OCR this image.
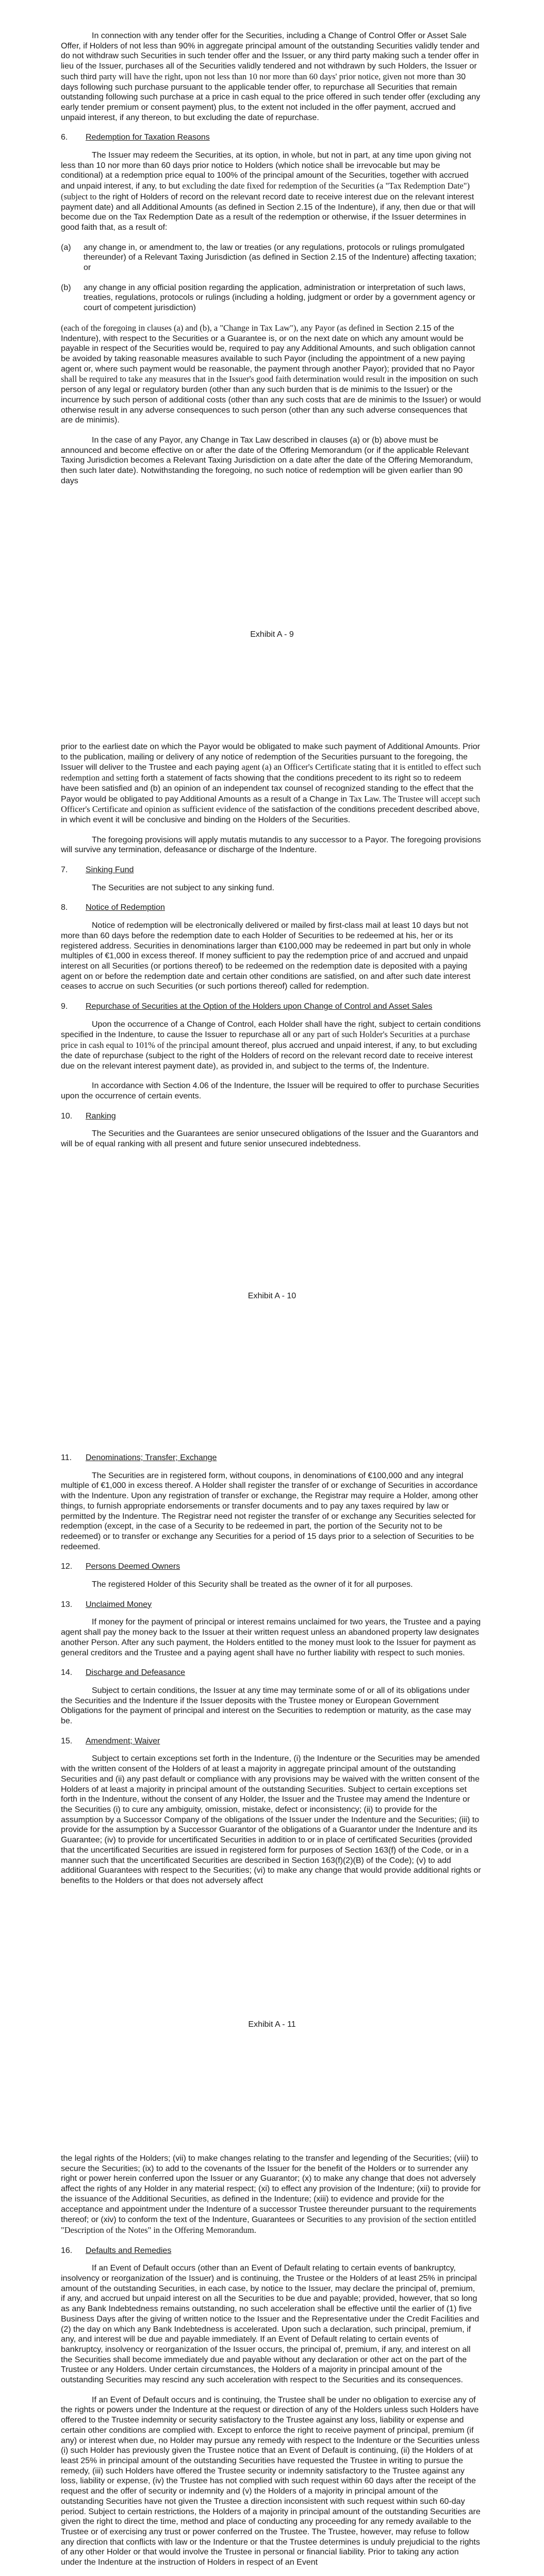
In connection with any tender offer for the Securities, including a Change of Control Offer or Asset Sale Offer, if Holders of not less than 90% in aggregate principal amount of the outstanding Securities validly tender and do not withdraw such Securities in such tender offer and the Issuer, or any third party making such a tender offer in lieu of the Issuer, purchases all of the Securities validly tendered and not withdrawn by such Holders, the Issuer or such third party will have the right, upon not less than 10 nor more than 60 days' prior notice, given not more than 30 days following such purchase pursuant to the applicable tender offer, to repurchase all Securities that remain outstanding following such purchase at a price in cash equal to the price offered in such tender offer (excluding any early tender premium or consent payment) plus, to the extent not included in the offer payment, accrued and unpaid interest, if any thereon, to but excluding the date of repurchase.

6.	Redemption for Taxation Reasons

The Issuer may redeem the Securities, at its option, in whole, but not in part, at any time upon giving not less than 10 nor more than 60 days prior notice to Holders (which notice shall be irrevocable but may be conditional) at a redemption price equal to 100% of the principal amount of the Securities, together with accrued and unpaid interest, if any, to but excluding the date fixed for redemption of the Securities (a "Tax Redemption Date") (subject to the right of Holders of record on the relevant record date to receive interest due on the relevant interest payment date) and all Additional Amounts (as defined in Section 2.15 of the Indenture), if any, then due or that will become due on the Tax Redemption Date as a result of the redemption or otherwise, if the Issuer determines in good faith that, as a result of:

(a)	any change in, or amendment to, the law or treaties (or any regulations, protocols or rulings promulgated thereunder) of a Relevant Taxing Jurisdiction (as defined in Section 2.15 of the Indenture) affecting taxation; or
(b)	any change in any official position regarding the application, administration or interpretation of such laws, treaties, regulations, protocols or rulings (including a holding, judgment or order by a government agency or court of competent jurisdiction)

(each of the foregoing in clauses (a) and (b), a "Change in Tax Law"), any Payor (as defined in Section 2.15 of the Indenture), with respect to the Securities or a Guarantee is, or on the next date on which any amount would be payable in respect of the Securities would be, required to pay any Additional Amounts, and such obligation cannot be avoided by taking reasonable measures available to such Payor (including the appointment of a new paying agent or, where such payment would be reasonable, the payment through another Payor); provided that no Payor shall be required to take any measures that in the Issuer's good faith determination would result in the imposition on such person of any legal or regulatory burden (other than any such burden that is de minimis to the Issuer) or the incurrence by such person of additional costs (other than any such costs that are de minimis to the Issuer) or would otherwise result in any adverse consequences to such person (other than any such adverse consequences that are de minimis).

In the case of any Payor, any Change in Tax Law described in clauses (a) or (b) above must be announced and become effective on or after the date of the Offering Memorandum (or if the applicable Relevant Taxing Jurisdiction becomes a Relevant Taxing Jurisdiction on a date after the date of the Offering Memorandum, then such later date). Notwithstanding the foregoing, no such notice of redemption will be given earlier than 90 days

Exhibit A - 9

prior to the earliest date on which the Payor would be obligated to make such payment of Additional Amounts. Prior to the publication, mailing or delivery of any notice of redemption of the Securities pursuant to the foregoing, the Issuer will deliver to the Trustee and each paying agent (a) an Officer's Certificate stating that it is entitled to effect such redemption and setting forth a statement of facts showing that the conditions precedent to its right so to redeem have been satisfied and (b) an opinion of an independent tax counsel of recognized standing to the effect that the Payor would be obligated to pay Additional Amounts as a result of a Change in Tax Law. The Trustee will accept such Officer's Certificate and opinion as sufficient evidence of the satisfaction of the conditions precedent described above, in which event it will be conclusive and binding on the Holders of the Securities.

The foregoing provisions will apply mutatis mutandis to any successor to a Payor. The foregoing provisions will survive any termination, defeasance or discharge of the Indenture.

7.	Sinking Fund

The Securities are not subject to any sinking fund.

8.	Notice of Redemption

Notice of redemption will be electronically delivered or mailed by first-class mail at least 10 days but not more than 60 days before the redemption date to each Holder of Securities to be redeemed at his, her or its registered address. Securities in denominations larger than €100,000 may be redeemed in part but only in whole multiples of €1,000 in excess thereof. If money sufficient to pay the redemption price of and accrued and unpaid interest on all Securities (or portions thereof) to be redeemed on the redemption date is deposited with a paying agent on or before the redemption date and certain other conditions are satisfied, on and after such date interest ceases to accrue on such Securities (or such portions thereof) called for redemption.

9.	Repurchase of Securities at the Option of the Holders upon Change of Control and Asset Sales

Upon the occurrence of a Change of Control, each Holder shall have the right, subject to certain conditions specified in the Indenture, to cause the Issuer to repurchase all or any part of such Holder's Securities at a purchase price in cash equal to 101% of the principal amount thereof, plus accrued and unpaid interest, if any, to but excluding the date of repurchase (subject to the right of the Holders of record on the relevant record date to receive interest due on the relevant interest payment date), as provided in, and subject to the terms of, the Indenture.

In accordance with Section 4.06 of the Indenture, the Issuer will be required to offer to purchase Securities upon the occurrence of certain events.

10.	Ranking

The Securities and the Guarantees are senior unsecured obligations of the Issuer and the Guarantors and will be of equal ranking with all present and future senior unsecured indebtedness.

Exhibit A - 10
11.	Denominations; Transfer; Exchange

The Securities are in registered form, without coupons, in denominations of €100,000 and any integral multiple of €1,000 in excess thereof. A Holder shall register the transfer of or exchange of Securities in accordance with the Indenture. Upon any registration of transfer or exchange, the Registrar may require a Holder, among other things, to furnish appropriate endorsements or transfer documents and to pay any taxes required by law or permitted by the Indenture. The Registrar need not register the transfer of or exchange any Securities selected for redemption (except, in the case of a Security to be redeemed in part, the portion of the Security not to be redeemed) or to transfer or exchange any Securities for a period of 15 days prior to a selection of Securities to be redeemed.

12.	Persons Deemed Owners

The registered Holder of this Security shall be treated as the owner of it for all purposes.

13.	Unclaimed Money

If money for the payment of principal or interest remains unclaimed for two years, the Trustee and a paying agent shall pay the money back to the Issuer at their written request unless an abandoned property law designates another Person. After any such payment, the Holders entitled to the money must look to the Issuer for payment as general creditors and the Trustee and a paying agent shall have no further liability with respect to such monies.

14.	Discharge and Defeasance

Subject to certain conditions, the Issuer at any time may terminate some of or all of its obligations under the Securities and the Indenture if the Issuer deposits with the Trustee money or European Government Obligations for the payment of principal and interest on the Securities to redemption or maturity, as the case may be.

15.	Amendment; Waiver

Subject to certain exceptions set forth in the Indenture, (i) the Indenture or the Securities may be amended with the written consent of the Holders of at least a majority in aggregate principal amount of the outstanding Securities and (ii) any past default or compliance with any provisions may be waived with the written consent of the Holders of at least a majority in principal amount of the outstanding Securities. Subject to certain exceptions set forth in the Indenture, without the consent of any Holder, the Issuer and the Trustee may amend the Indenture or the Securities (i) to cure any ambiguity, omission, mistake, defect or inconsistency; (ii) to provide for the assumption by a Successor Company of the obligations of the Issuer under the Indenture and the Securities; (iii) to provide for the assumption by a Successor Guarantor of the obligations of a Guarantor under the Indenture and its Guarantee; (iv) to provide for uncertificated Securities in addition to or in place of certificated Securities (provided that the uncertificated Securities are issued in registered form for purposes of Section 163(f) of the Code, or in a manner such that the uncertificated Securities are described in Section 163(f)(2)(B) of the Code); (v) to add additional Guarantees with respect to the Securities; (vi) to make any change that would provide additional rights or benefits to the Holders or that does not adversely affect

Exhibit A - 11

the legal rights of the Holders; (vii) to make changes relating to the transfer and legending of the Securities; (viii) to secure the Securities; (ix) to add to the covenants of the Issuer for the benefit of the Holders or to surrender any right or power herein conferred upon the Issuer or any Guarantor; (x) to make any change that does not adversely affect the rights of any Holder in any material respect; (xi) to effect any provision of the Indenture; (xii) to provide for the issuance of the Additional Securities, as defined in the Indenture; (xiii) to evidence and provide for the acceptance and appointment under the Indenture of a successor Trustee thereunder pursuant to the requirements thereof; or (xiv) to conform the text of the Indenture, Guarantees or Securities to any provision of the section entitled "Description of the Notes" in the Offering Memorandum.

16.	Defaults and Remedies

If an Event of Default occurs (other than an Event of Default relating to certain events of bankruptcy, insolvency or reorganization of the Issuer) and is continuing, the Trustee or the Holders of at least 25% in principal amount of the outstanding Securities, in each case, by notice to the Issuer, may declare the principal of, premium, if any, and accrued but unpaid interest on all the Securities to be due and payable; provided, however, that so long as any Bank Indebtedness remains outstanding, no such acceleration shall be effective until the earlier of (1) five Business Days after the giving of written notice to the Issuer and the Representative under the Credit Facilities and (2) the day on which any Bank Indebtedness is accelerated. Upon such a declaration, such principal, premium, if any, and interest will be due and payable immediately. If an Event of Default relating to certain events of bankruptcy, insolvency or reorganization of the Issuer occurs, the principal of, premium, if any, and interest on all the Securities shall become immediately due and payable without any declaration or other act on the part of the Trustee or any Holders. Under certain circumstances, the Holders of a majority in principal amount of the outstanding Securities may rescind any such acceleration with respect to the Securities and its consequences.

If an Event of Default occurs and is continuing, the Trustee shall be under no obligation to exercise any of the rights or powers under the Indenture at the request or direction of any of the Holders unless such Holders have offered to the Trustee indemnity or security satisfactory to the Trustee against any loss, liability or expense and certain other conditions are complied with. Except to enforce the right to receive payment of principal, premium (if any) or interest when due, no Holder may pursue any remedy with respect to the Indenture or the Securities unless (i) such Holder has previously given the Trustee notice that an Event of Default is continuing, (ii) the Holders of at least 25% in principal amount of the outstanding Securities have requested the Trustee in writing to pursue the remedy, (iii) such Holders have offered the Trustee security or indemnity satisfactory to the Trustee against any loss, liability or expense, (iv) the Trustee has not complied with such request within 60 days after the receipt of the request and the offer of security or indemnity and (v) the Holders of a majority in principal amount of the outstanding Securities have not given the Trustee a direction inconsistent with such request within such 60-day period. Subject to certain restrictions, the Holders of a majority in principal amount of the outstanding Securities are given the right to direct the time, method and place of conducting any proceeding for any remedy available to the Trustee or of exercising any trust or power conferred on the Trustee. The Trustee, however, may refuse to follow any direction that conflicts with law or the Indenture or that the Trustee determines is unduly prejudicial to the rights of any other Holder or that would involve the Trustee in personal or financial liability. Prior to taking any action under the Indenture at the instruction of Holders in respect of an Event
